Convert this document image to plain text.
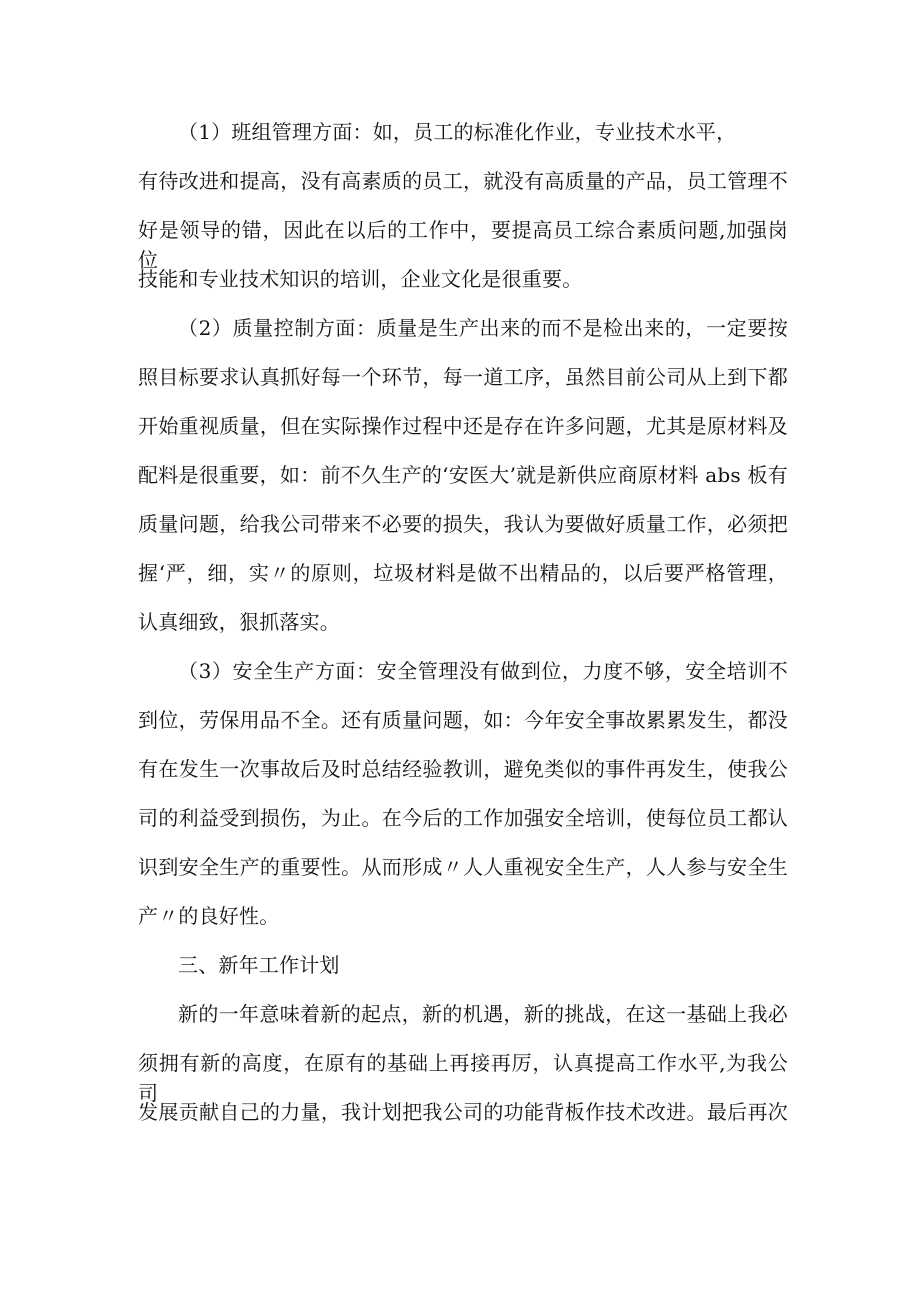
（1）班组管理方面：如，员工的标准化作业，专业技术水平，
有待改进和提高，没有高素质的员工，就没有高质量的产品，员工管理不
好是领导的错，因此在以后的工作中，要提高员工综合素质问题,加强岗位
技能和专业技术知识的培训，企业文化是很重要。
（2）质量控制方面：质量是生产出来的而不是检出来的，一定要按
照目标要求认真抓好每一个环节，每一道工序，虽然目前公司从上到下都
开始重视质量，但在实际操作过程中还是存在许多问题，尤其是原材料及
配料是很重要，如：前不久生产的‘安医大’就是新供应商原材料 abs 板有
质量问题，给我公司带来不必要的损失，我认为要做好质量工作，必须把
握‘严，细，实〃的原则，垃圾材料是做不出精品的，以后要严格管理，
认真细致，狠抓落实。
（3）安全生产方面：安全管理没有做到位，力度不够，安全培训不
到位，劳保用品不全。还有质量问题，如：今年安全事故累累发生，都没
有在发生一次事故后及时总结经验教训，避免类似的事件再发生，使我公
司的利益受到损伤，为止。在今后的工作加强安全培训，使每位员工都认
识到安全生产的重要性。从而形成〃人人重视安全生产，人人参与安全生
产〃的良好性。
三、新年工作计划
新的一年意味着新的起点，新的机遇，新的挑战，在这一基础上我必
须拥有新的高度，在原有的基础上再接再厉，认真提高工作水平,为我公司
发展贡献自己的力量，我计划把我公司的功能背板作技术改进。最后再次
